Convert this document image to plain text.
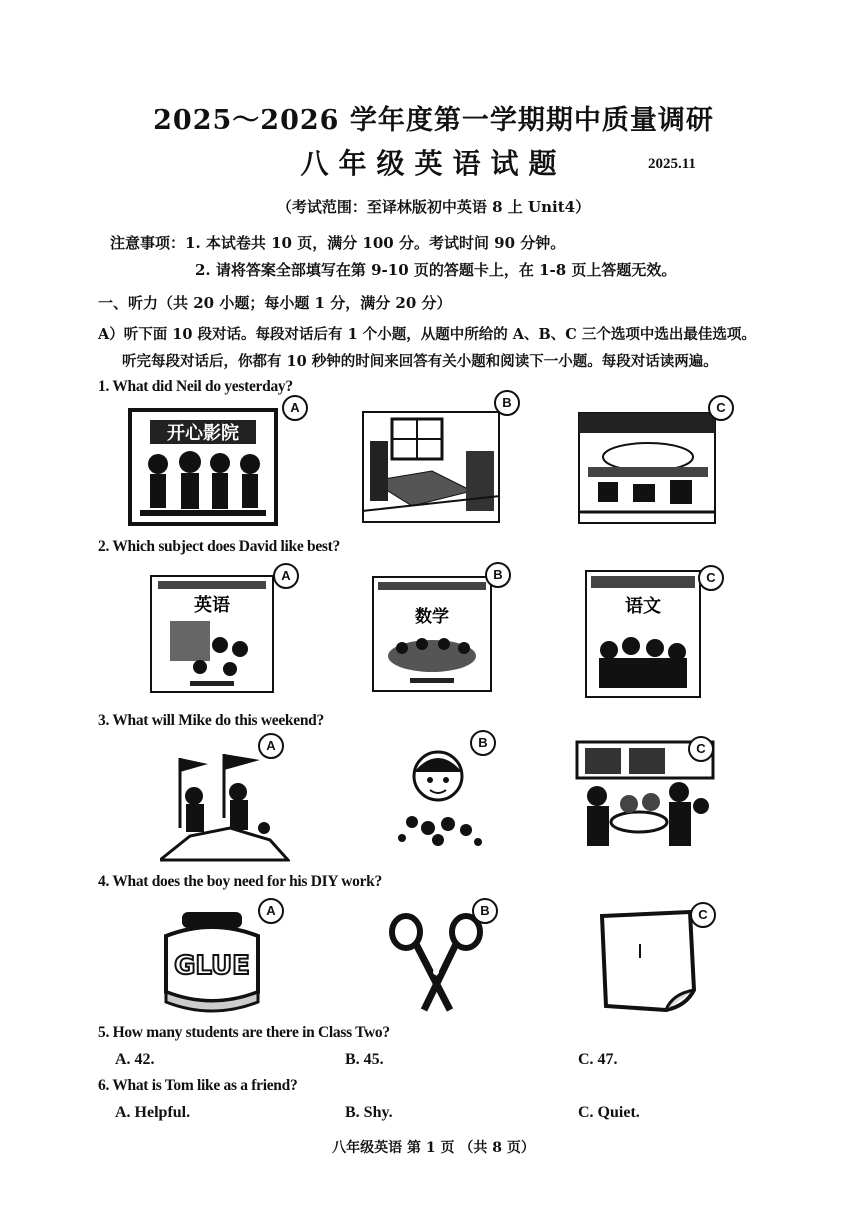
2025～2026 学年度第一学期期中质量调研
八年级英语试题	2025.11
（考试范围：至译林版初中英语 8 上 Unit4）
注意事项：1. 本试卷共 10 页，满分 100 分。考试时间 90 分钟。
2. 请将答案全部填写在第 9-10 页的答题卡上，在 1-8 页上答题无效。
一、听力（共 20 小题；每小题 1 分，满分 20 分）
A）听下面 10 段对话。每段对话后有 1 个小题，从题中所给的 A、B、C 三个选项中选出最佳选项。
听完每段对话后，你都有 10 秒钟的时间来回答有关小题和阅读下一小题。每段对话读两遍。
1. What did Neil do yesterday?
开心影院
A	B	C
2. Which subject does David like best?
英语
A
数学
B
语文
C
3. What will Mike do this weekend?
A	B	C
4. What does the boy need for his DIY work?
GLUE
A	B	C
5. How many students are there in Class Two?
A. 42.	B. 45.	C. 47.
6. What is Tom like as a friend?
A. Helpful.	B. Shy.	C. Quiet.
八年级英语 第 1 页 （共 8 页）
